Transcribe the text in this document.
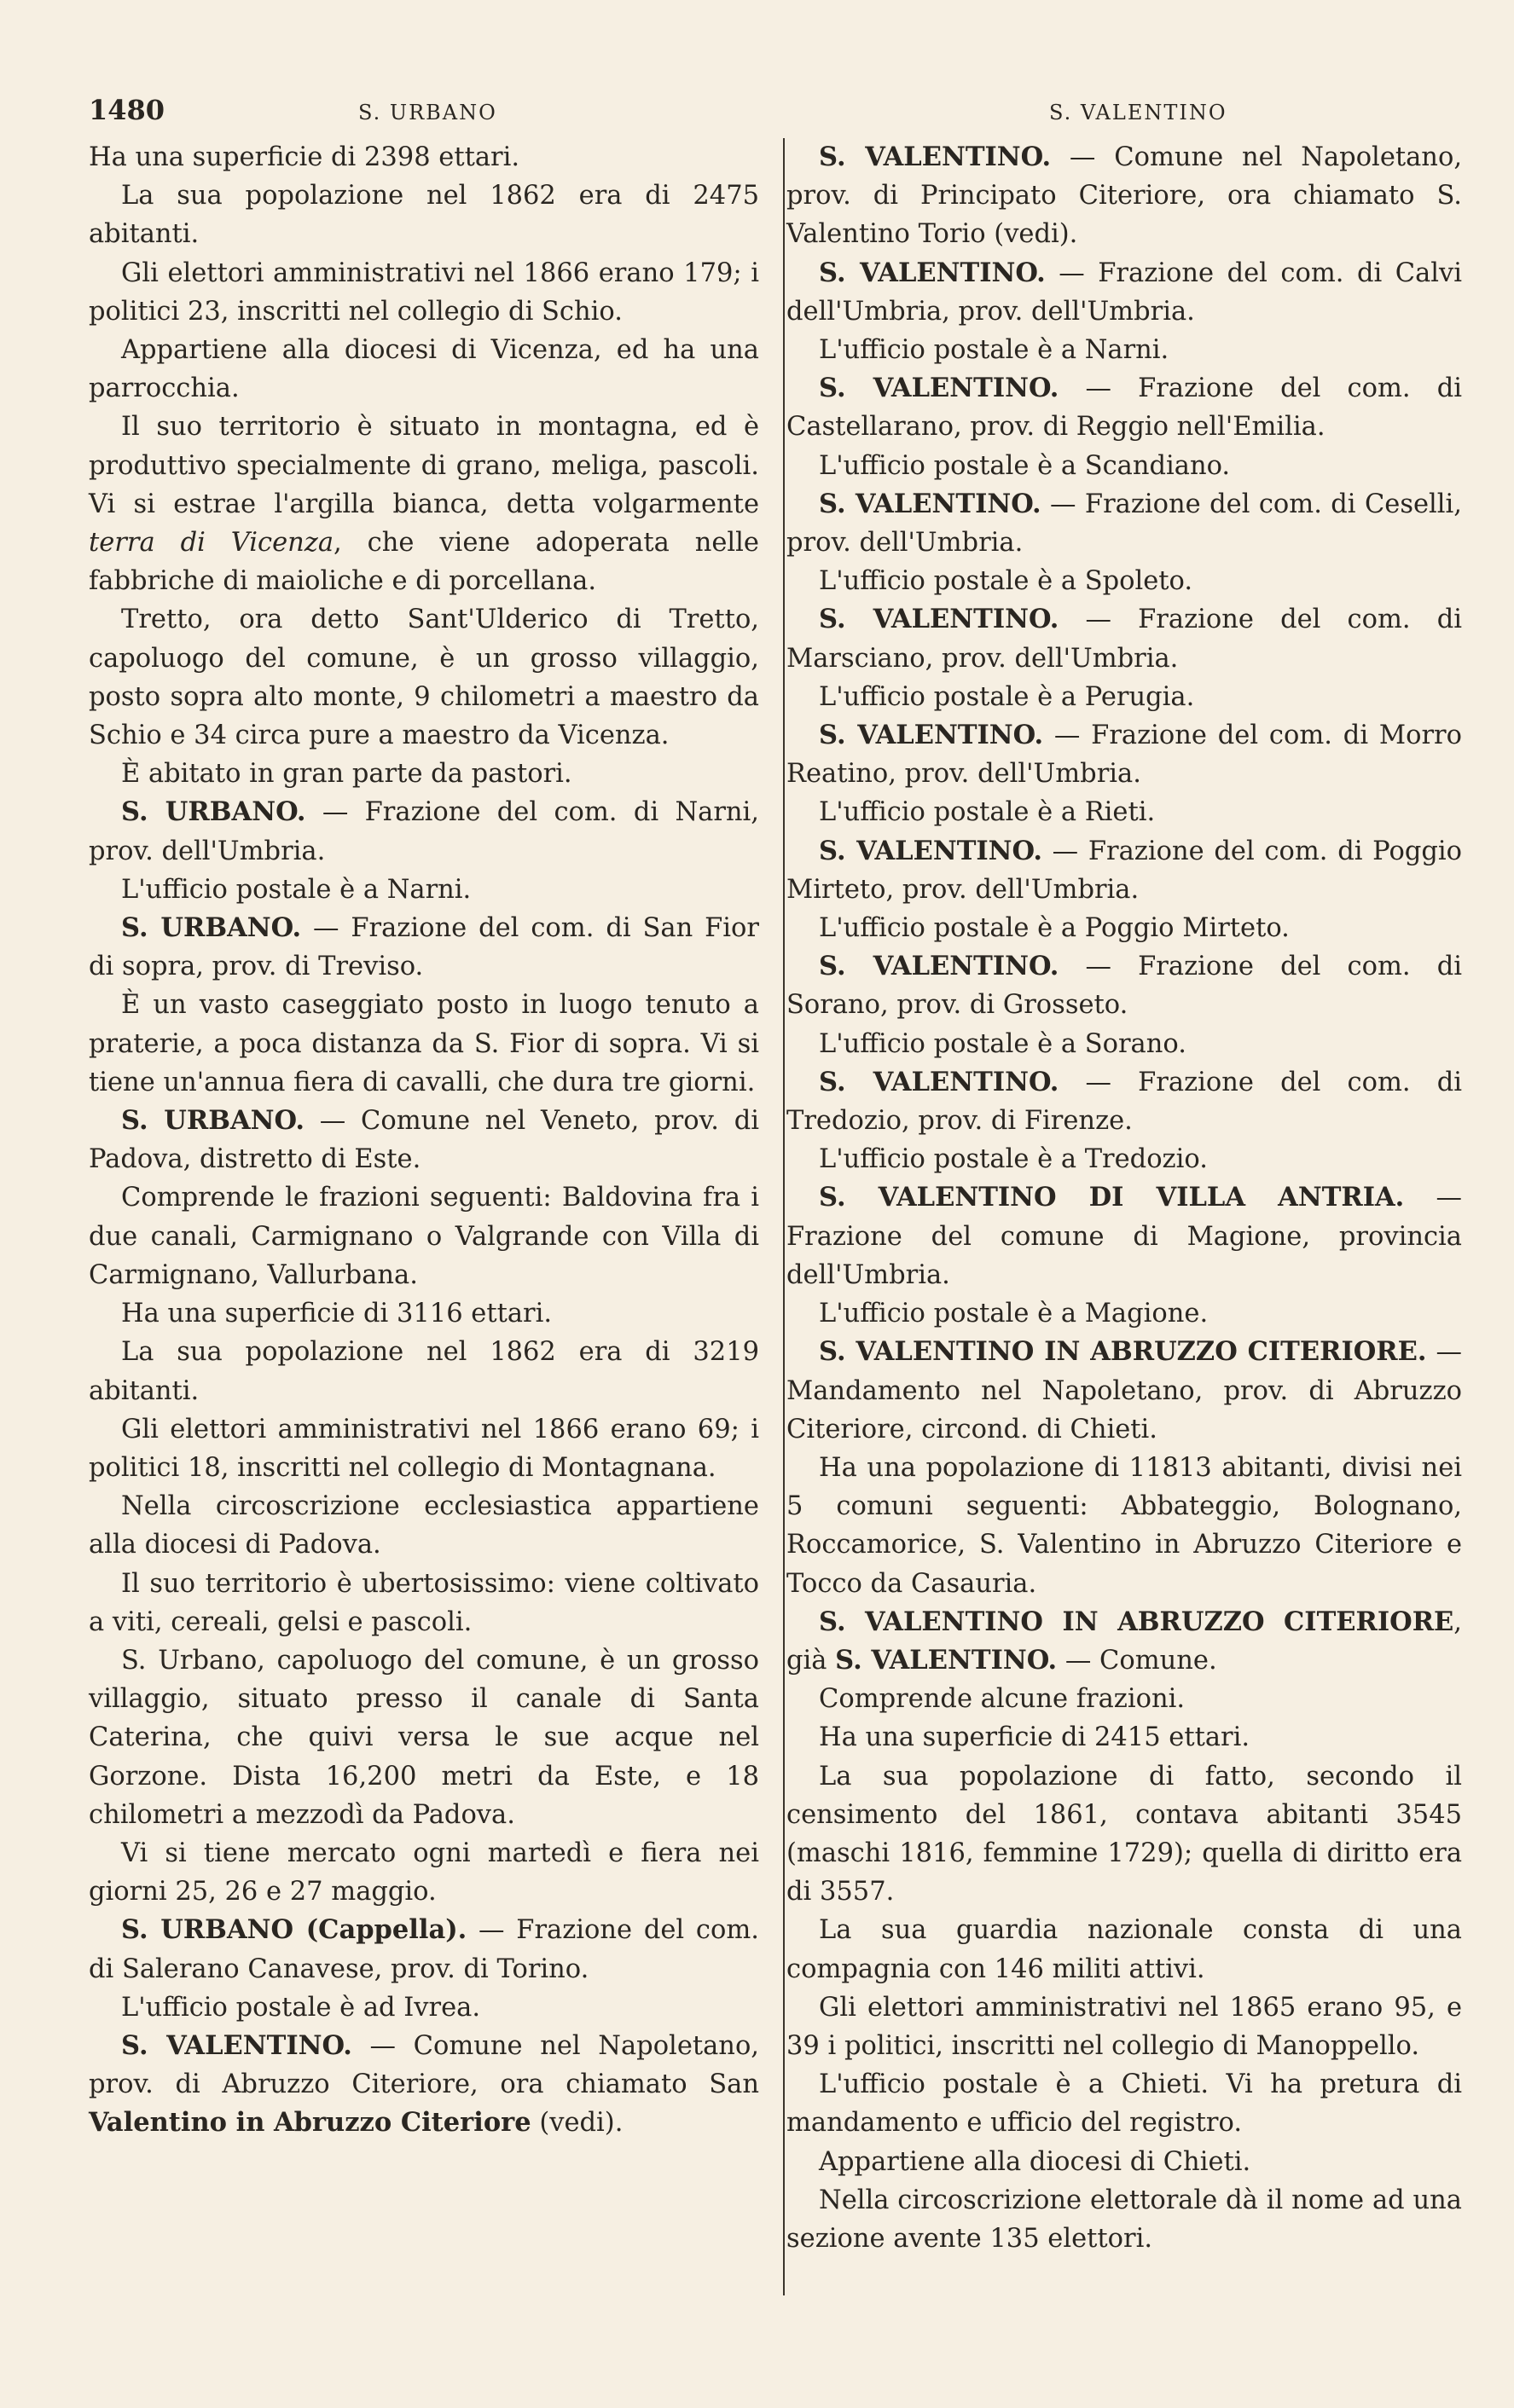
1480	S. URBANO	S. VALENTINO

Ha una superficie di 2398 ettari.

La sua popolazione nel 1862 era di 2475 abitanti.

Gli elettori amministrativi nel 1866 erano 179; i politici 23, inscritti nel collegio di Schio.

Appartiene alla diocesi di Vicenza, ed ha una parrocchia.

Il suo territorio è situato in montagna, ed è produttivo specialmente di grano, meliga, pascoli. Vi si estrae l'argilla bianca, detta volgarmente terra di Vicenza, che viene adoperata nelle fabbriche di maioliche e di porcellana.

Tretto, ora detto Sant'Ulderico di Tretto, capoluogo del comune, è un grosso villaggio, posto sopra alto monte, 9 chilometri a maestro da Schio e 34 circa pure a maestro da Vicenza.

È abitato in gran parte da pastori.

S. URBANO. — Frazione del com. di Narni, prov. dell'Umbria.

L'ufficio postale è a Narni.

S. URBANO. — Frazione del com. di San Fior di sopra, prov. di Treviso.

È un vasto caseggiato posto in luogo tenuto a praterie, a poca distanza da S. Fior di sopra. Vi si tiene un'annua fiera di cavalli, che dura tre giorni.

S. URBANO. — Comune nel Veneto, prov. di Padova, distretto di Este.

Comprende le frazioni seguenti: Baldovina fra i due canali, Carmignano o Valgrande con Villa di Carmignano, Vallurbana.

Ha una superficie di 3116 ettari.

La sua popolazione nel 1862 era di 3219 abitanti.

Gli elettori amministrativi nel 1866 erano 69; i politici 18, inscritti nel collegio di Montagnana.

Nella circoscrizione ecclesiastica appartiene alla diocesi di Padova.

Il suo territorio è ubertosissimo: viene coltivato a viti, cereali, gelsi e pascoli.

S. Urbano, capoluogo del comune, è un grosso villaggio, situato presso il canale di Santa Caterina, che quivi versa le sue acque nel Gorzone. Dista 16,200 metri da Este, e 18 chilometri a mezzodì da Padova.

Vi si tiene mercato ogni martedì e fiera nei giorni 25, 26 e 27 maggio.

S. URBANO (Cappella). — Frazione del com. di Salerano Canavese, prov. di Torino.

L'ufficio postale è ad Ivrea.

S. VALENTINO. — Comune nel Napoletano, prov. di Abruzzo Citeriore, ora chiamato San Valentino in Abruzzo Citeriore (vedi).

S. VALENTINO. — Comune nel Napoletano, prov. di Principato Citeriore, ora chiamato S. Valentino Torio (vedi).

S. VALENTINO. — Frazione del com. di Calvi dell'Umbria, prov. dell'Umbria.

L'ufficio postale è a Narni.

S. VALENTINO. — Frazione del com. di Castellarano, prov. di Reggio nell'Emilia.

L'ufficio postale è a Scandiano.

S. VALENTINO. — Frazione del com. di Ceselli, prov. dell'Umbria.

L'ufficio postale è a Spoleto.

S. VALENTINO. — Frazione del com. di Marsciano, prov. dell'Umbria.

L'ufficio postale è a Perugia.

S. VALENTINO. — Frazione del com. di Morro Reatino, prov. dell'Umbria.

L'ufficio postale è a Rieti.

S. VALENTINO. — Frazione del com. di Poggio Mirteto, prov. dell'Umbria.

L'ufficio postale è a Poggio Mirteto.

S. VALENTINO. — Frazione del com. di Sorano, prov. di Grosseto.

L'ufficio postale è a Sorano.

S. VALENTINO. — Frazione del com. di Tredozio, prov. di Firenze.

L'ufficio postale è a Tredozio.

S. VALENTINO DI VILLA ANTRIA. — Frazione del comune di Magione, provincia dell'Umbria.

L'ufficio postale è a Magione.

S. VALENTINO IN ABRUZZO CITERIORE. — Mandamento nel Napoletano, prov. di Abruzzo Citeriore, circond. di Chieti.

Ha una popolazione di 11813 abitanti, divisi nei 5 comuni seguenti: Abbateggio, Bolognano, Roccamorice, S. Valentino in Abruzzo Citeriore e Tocco da Casauria.

S. VALENTINO IN ABRUZZO CITERIORE, già S. VALENTINO. — Comune.

Comprende alcune frazioni.

Ha una superficie di 2415 ettari.

La sua popolazione di fatto, secondo il censimento del 1861, contava abitanti 3545 (maschi 1816, femmine 1729); quella di diritto era di 3557.

La sua guardia nazionale consta di una compagnia con 146 militi attivi.

Gli elettori amministrativi nel 1865 erano 95, e 39 i politici, inscritti nel collegio di Manoppello.

L'ufficio postale è a Chieti. Vi ha pretura di mandamento e ufficio del registro.

Appartiene alla diocesi di Chieti.

Nella circoscrizione elettorale dà il nome ad una sezione avente 135 elettori.
